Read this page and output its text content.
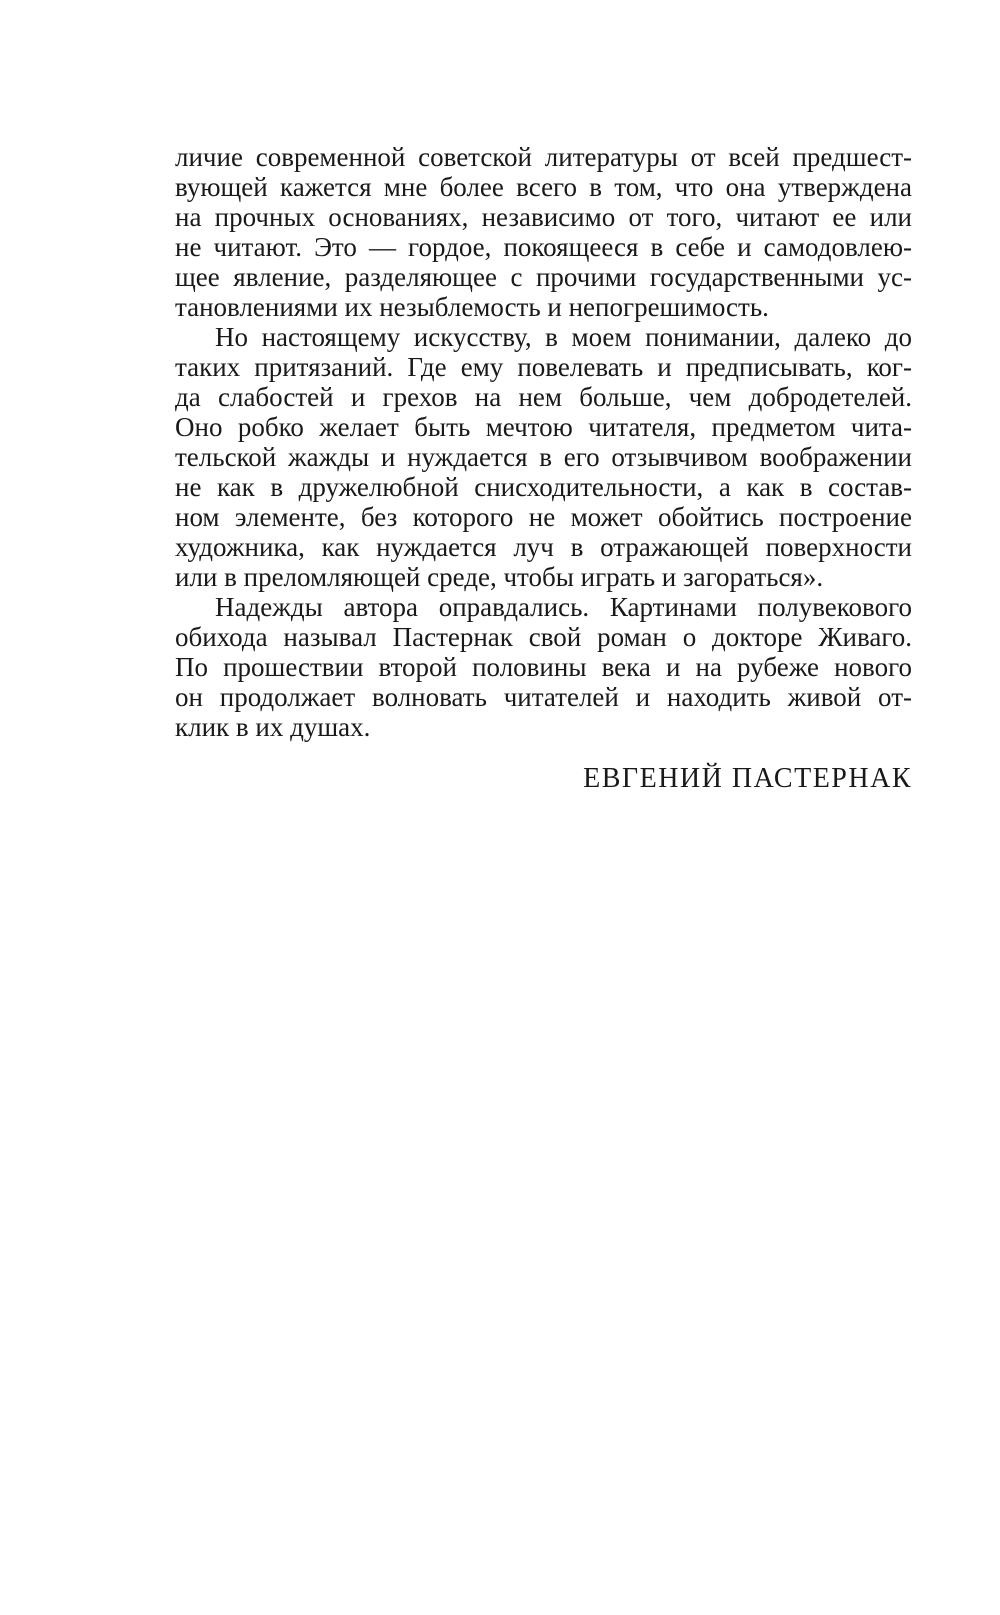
личие современной советской литературы от всей предшест-
вующей кажется мне более всего в том, что она утверждена
на прочных основаниях, независимо от того, читают ее или
не читают. Это — гордое, покоящееся в себе и самодовлею-
щее явление, разделяющее с прочими государственными ус-
тановлениями их незыблемость и непогрешимость.
Но настоящему искусству, в моем понимании, далеко до
таких притязаний. Где ему повелевать и предписывать, ког-
да слабостей и грехов на нем больше, чем добродетелей.
Оно робко желает быть мечтою читателя, предметом чита-
тельской жажды и нуждается в его отзывчивом воображении
не как в дружелюбной снисходительности, а как в состав-
ном элементе, без которого не может обойтись построение
художника, как нуждается луч в отражающей поверхности
или в преломляющей среде, чтобы играть и загораться».
Надежды автора оправдались. Картинами полувекового
обихода называл Пастернак свой роман о докторе Живаго.
По прошествии второй половины века и на рубеже нового
он продолжает волновать читателей и находить живой от-
клик в их душах.
ЕВГЕНИЙ ПАСТЕРНАК
